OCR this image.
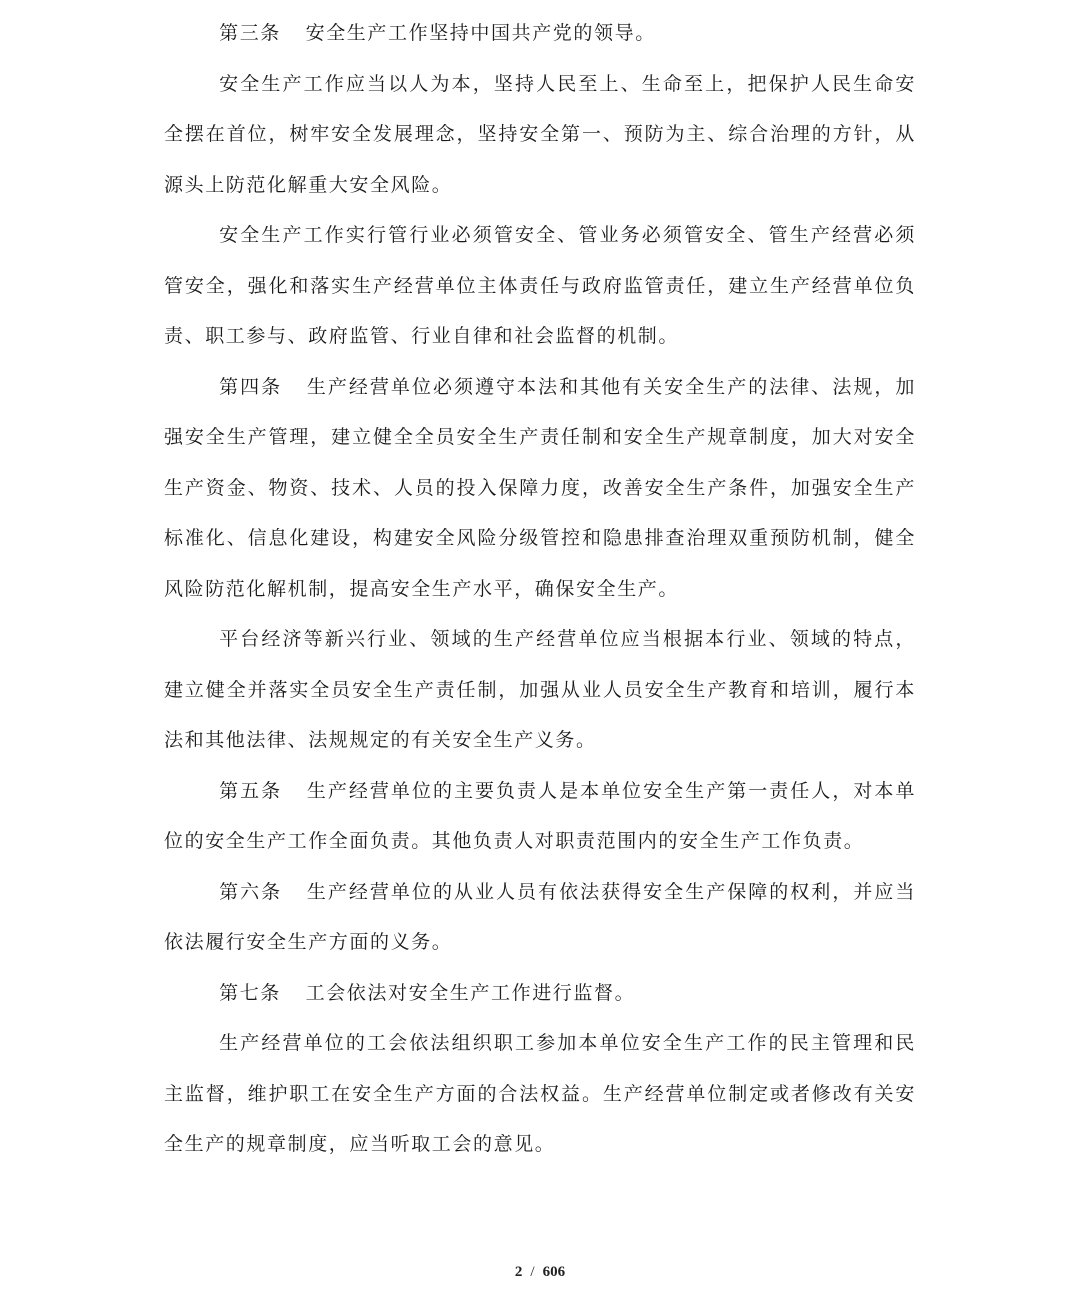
第三条 安全生产工作坚持中国共产党的领导。

安全生产工作应当以人为本，坚持人民至上、生命至上，把保护人民生命安全摆在首位，树牢安全发展理念，坚持安全第一、预防为主、综合治理的方针，从源头上防范化解重大安全风险。

安全生产工作实行管行业必须管安全、管业务必须管安全、管生产经营必须管安全，强化和落实生产经营单位主体责任与政府监管责任，建立生产经营单位负责、职工参与、政府监管、行业自律和社会监督的机制。

第四条 生产经营单位必须遵守本法和其他有关安全生产的法律、法规，加强安全生产管理，建立健全全员安全生产责任制和安全生产规章制度，加大对安全生产资金、物资、技术、人员的投入保障力度，改善安全生产条件，加强安全生产标准化、信息化建设，构建安全风险分级管控和隐患排查治理双重预防机制，健全风险防范化解机制，提高安全生产水平，确保安全生产。

平台经济等新兴行业、领域的生产经营单位应当根据本行业、领域的特点，建立健全并落实全员安全生产责任制，加强从业人员安全生产教育和培训，履行本法和其他法律、法规规定的有关安全生产义务。

第五条 生产经营单位的主要负责人是本单位安全生产第一责任人，对本单位的安全生产工作全面负责。其他负责人对职责范围内的安全生产工作负责。

第六条 生产经营单位的从业人员有依法获得安全生产保障的权利，并应当依法履行安全生产方面的义务。

第七条 工会依法对安全生产工作进行监督。

生产经营单位的工会依法组织职工参加本单位安全生产工作的民主管理和民主监督，维护职工在安全生产方面的合法权益。生产经营单位制定或者修改有关安全生产的规章制度，应当听取工会的意见。

2 / 606
